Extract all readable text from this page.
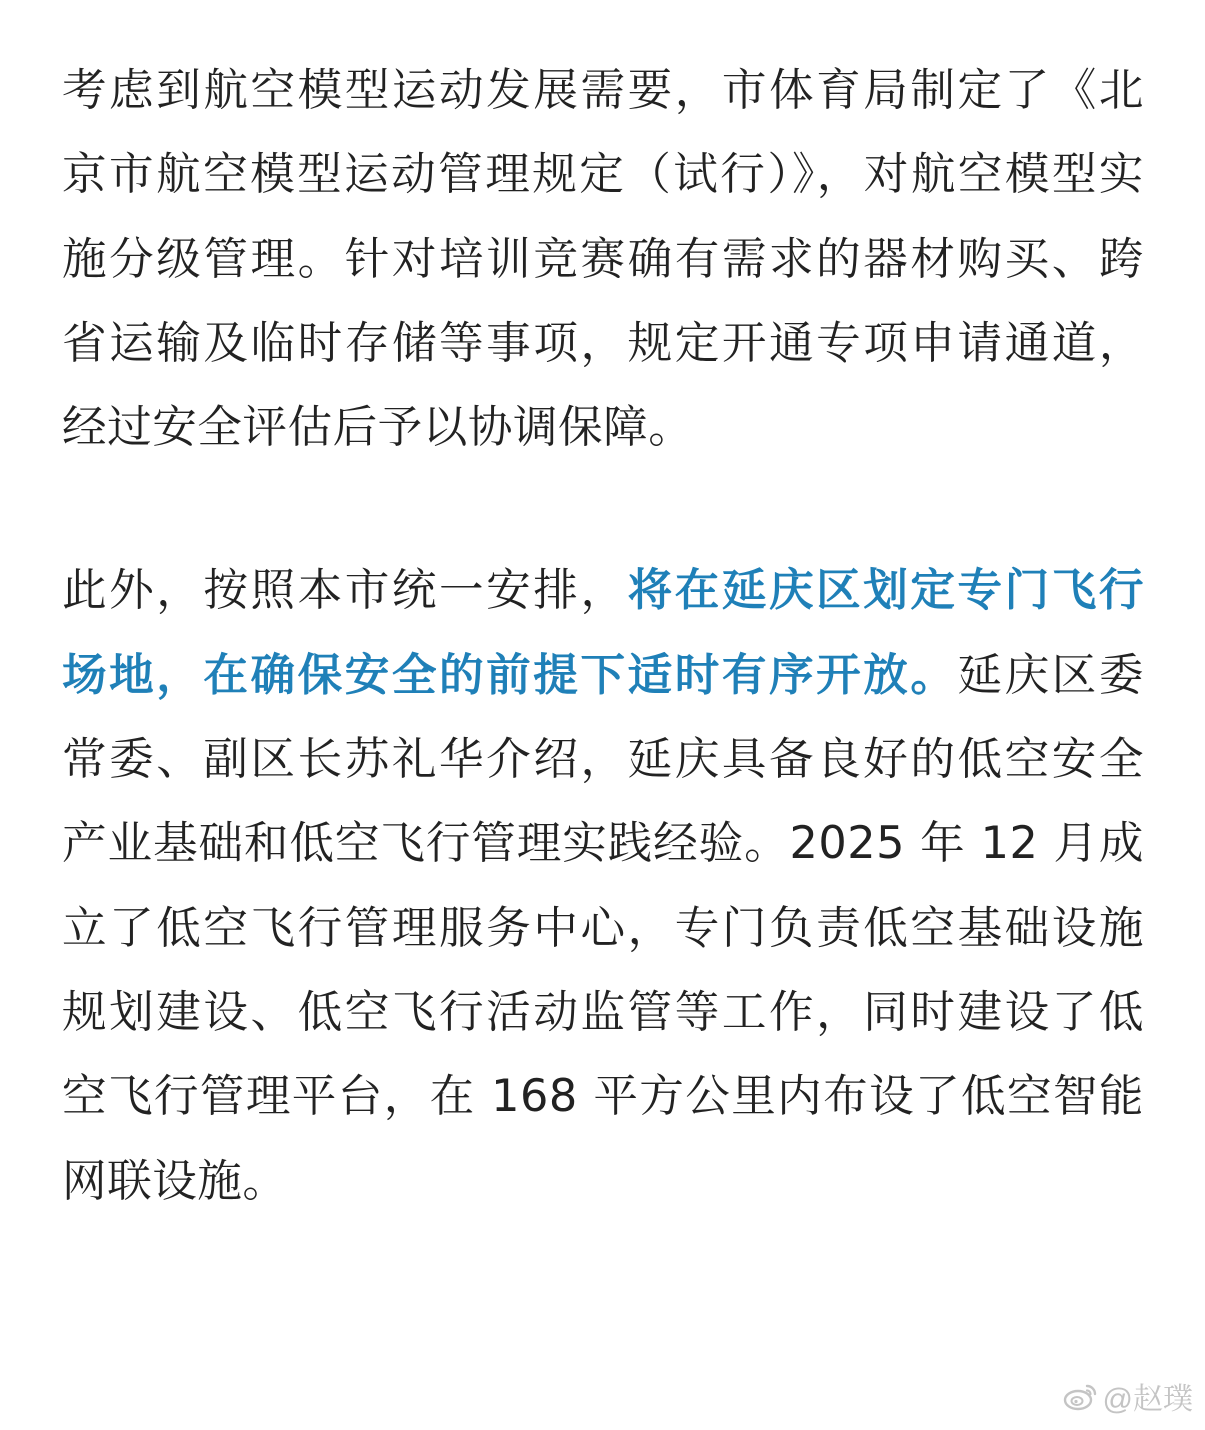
考虑到航空模型运动发展需要，市体育局制定了《北京市航空模型运动管理规定（试行）》，对航空模型实施分级管理。针对培训竞赛确有需求的器材购买、跨省运输及临时存储等事项，规定开通专项申请通道，经过安全评估后予以协调保障。

此外，按照本市统一安排，将在延庆区划定专门飞行场地，在确保安全的前提下适时有序开放。延庆区委常委、副区长苏礼华介绍，延庆具备良好的低空安全产业基础和低空飞行管理实践经验。2025 年 12 月成立了低空飞行管理服务中心，专门负责低空基础设施规划建设、低空飞行活动监管等工作，同时建设了低空飞行管理平台，在 168 平方公里内布设了低空智能网联设施。

@赵璞
